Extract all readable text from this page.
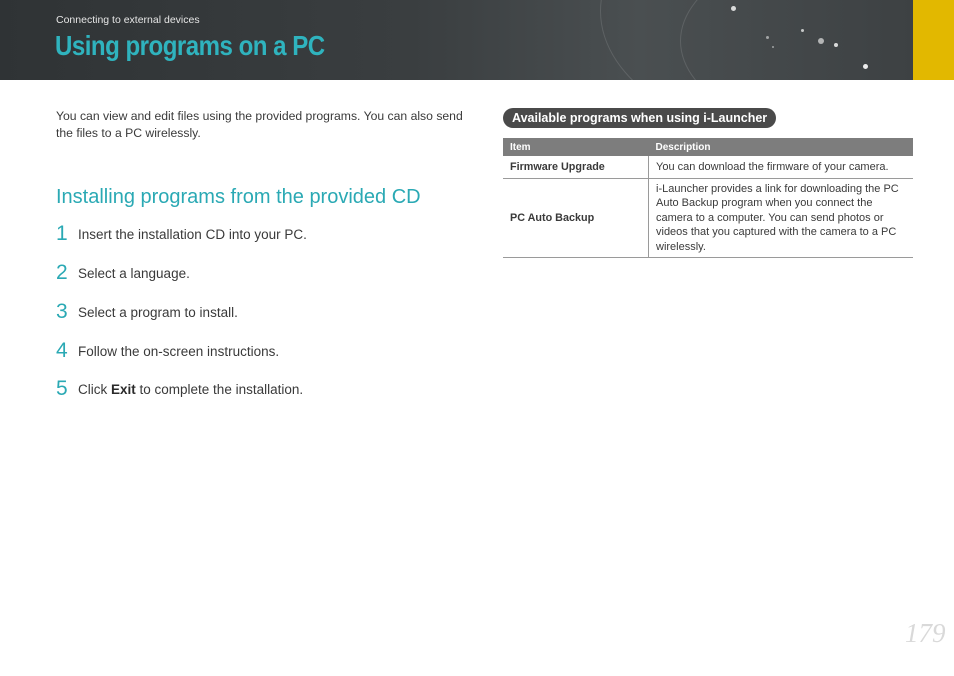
Connecting to external devices
Using programs on a PC
You can view and edit files using the provided programs. You can also send the files to a PC wirelessly.
Installing programs from the provided CD
1 Insert the installation CD into your PC.
2 Select a language.
3 Select a program to install.
4 Follow the on-screen instructions.
5 Click Exit to complete the installation.
Available programs when using i-Launcher
Item	Description
Firmware Upgrade	You can download the firmware of your camera.
PC Auto Backup	i-Launcher provides a link for downloading the PC Auto Backup program when you connect the camera to a computer. You can send photos or videos that you captured with the camera to a PC wirelessly.
179
